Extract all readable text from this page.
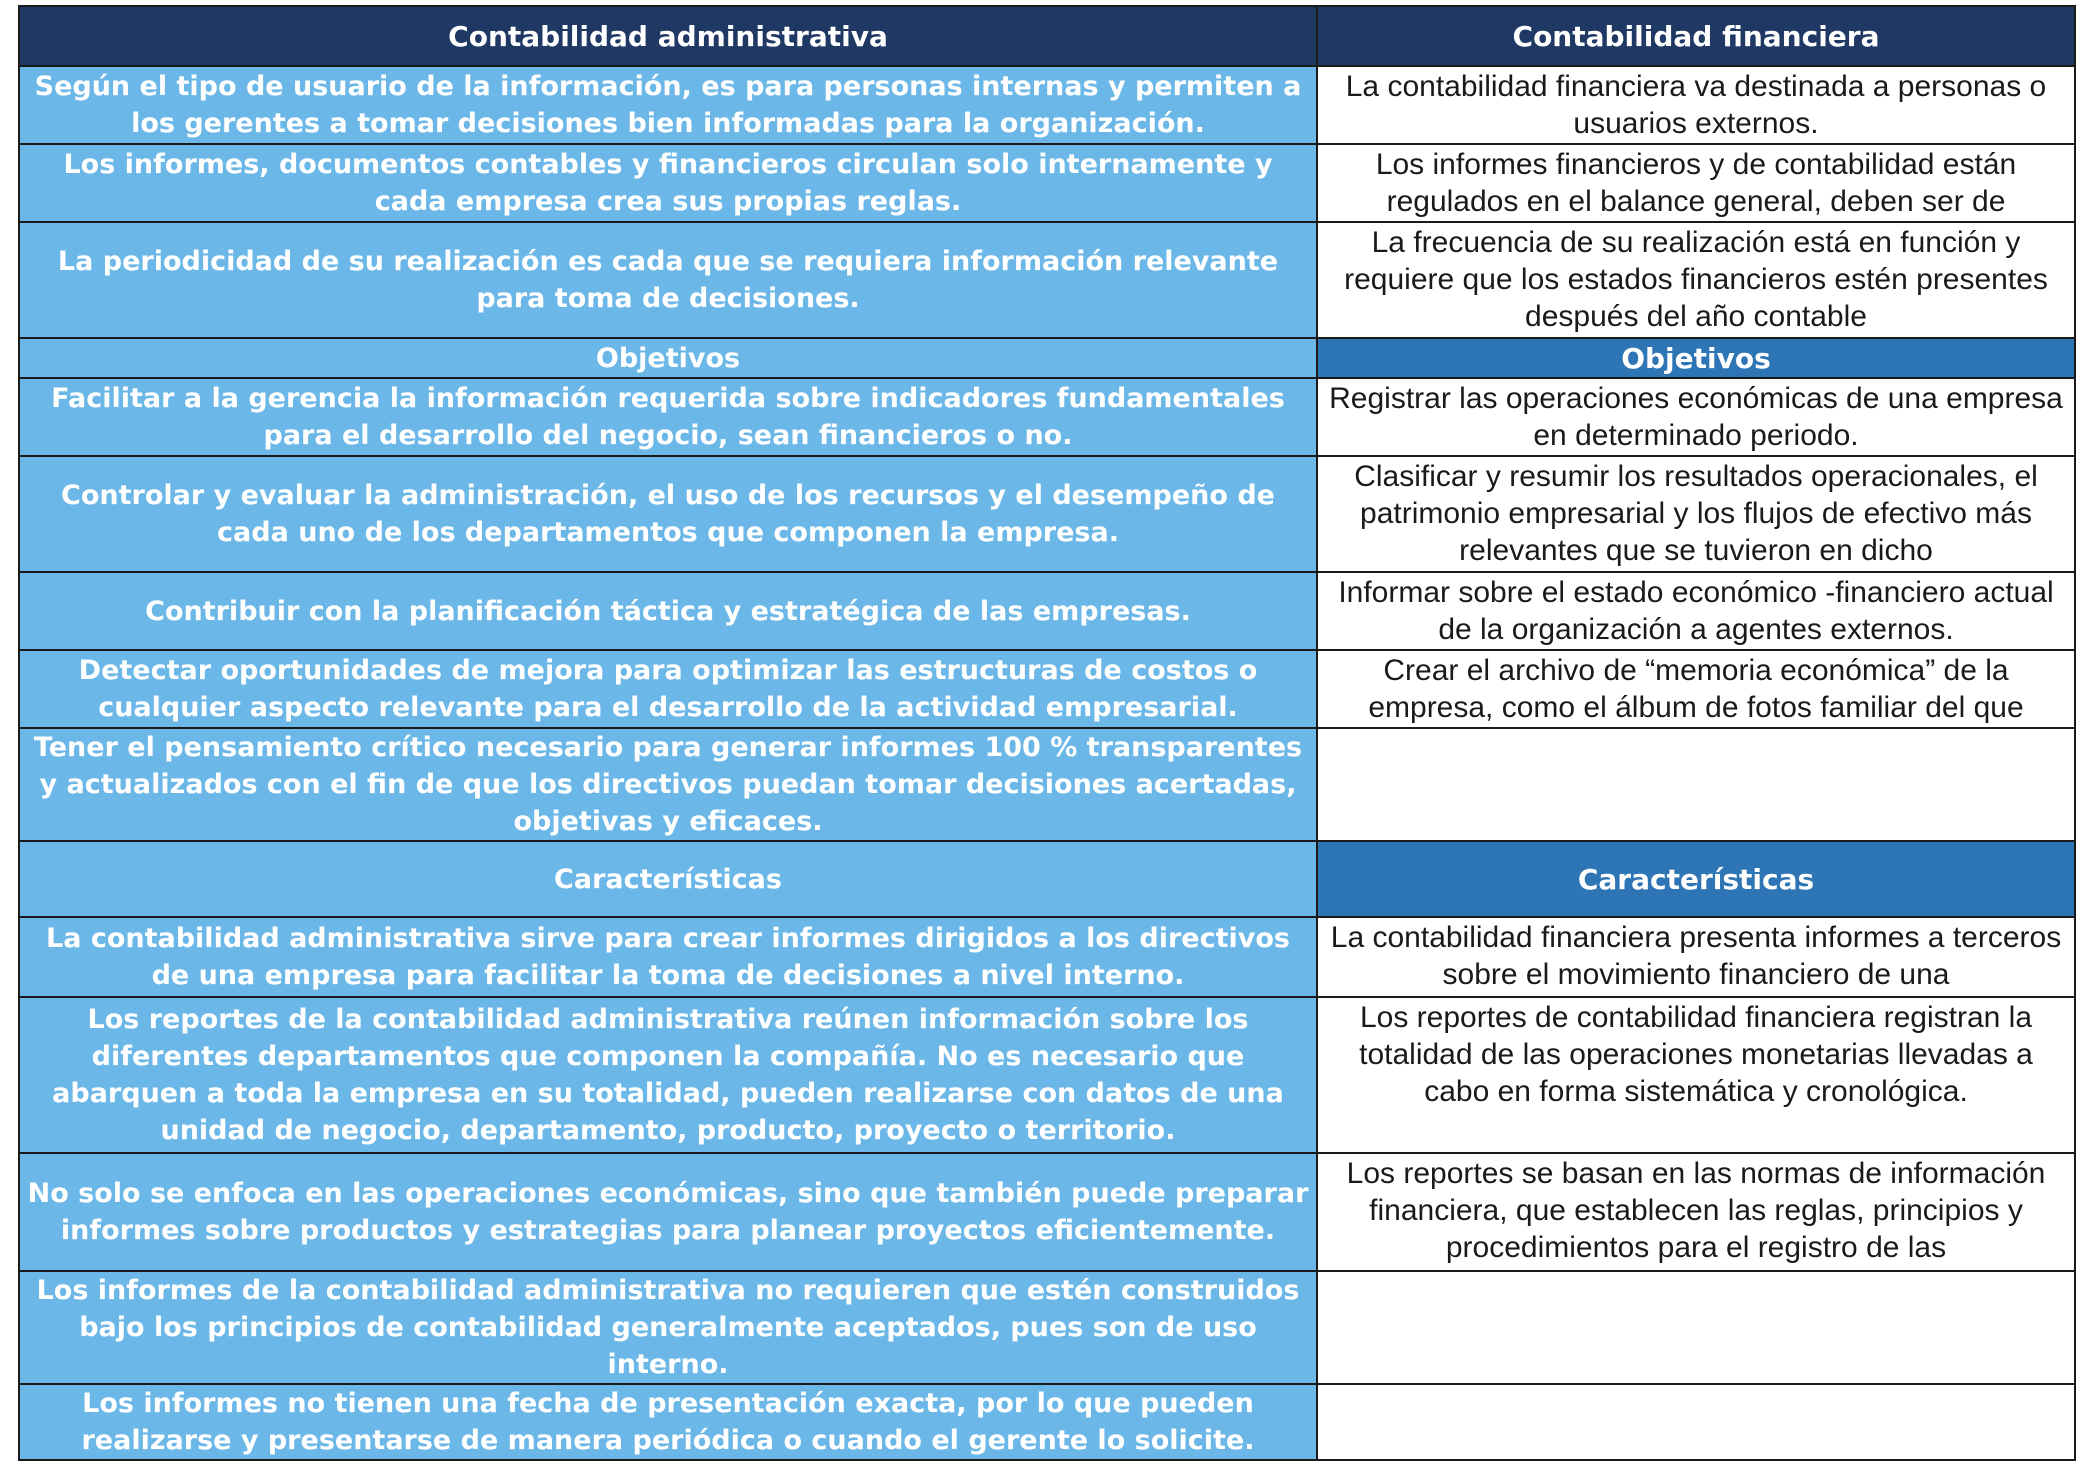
Contabilidad administrativa	Contabilidad financiera
Según el tipo de usuario de la información, es para personas internas y permiten a los gerentes a tomar decisiones bien informadas para la organización.	La contabilidad financiera va destinada a personas o usuarios externos.

Los informes, documentos contables y financieros circulan solo internamente y cada empresa crea sus propias reglas.	Los informes financieros y de contabilidad están regulados en el balance general, deben ser de

La periodicidad de su realización es cada que se requiera información relevante para toma de decisiones.	La frecuencia de su realización está en función y requiere que los estados financieros estén presentes después del año contable

Objetivos	Objetivos
Facilitar a la gerencia la información requerida sobre indicadores fundamentales para el desarrollo del negocio, sean financieros o no.	Registrar las operaciones económicas de una empresa en determinado periodo.

Controlar y evaluar la administración, el uso de los recursos y el desempeño de cada uno de los departamentos que componen la empresa.	Clasificar y resumir los resultados operacionales, el patrimonio empresarial y los flujos de efectivo más relevantes que se tuvieron en dicho

Contribuir con la planificación táctica y estratégica de las empresas.	Informar sobre el estado económico -financiero actual de la organización a agentes externos.

Detectar oportunidades de mejora para optimizar las estructuras de costos o cualquier aspecto relevante para el desarrollo de la actividad empresarial.	Crear el archivo de “memoria económica” de la empresa, como el álbum de fotos familiar del que

Tener el pensamiento crítico necesario para generar informes 100 % transparentes y actualizados con el fin de que los directivos puedan tomar decisiones acertadas, objetivas y eficaces.	

Características	Características
La contabilidad administrativa sirve para crear informes dirigidos a los directivos de una empresa para facilitar la toma de decisiones a nivel interno.	La contabilidad financiera presenta informes a terceros sobre el movimiento financiero de una

Los reportes de la contabilidad administrativa reúnen información sobre los diferentes departamentos que componen la compañía. No es necesario que abarquen a toda la empresa en su totalidad, pueden realizarse con datos de una unidad de negocio, departamento, producto, proyecto o territorio.	Los reportes de contabilidad financiera registran la totalidad de las operaciones monetarias llevadas a cabo en forma sistemática y cronológica.

No solo se enfoca en las operaciones económicas, sino que también puede preparar informes sobre productos y estrategias para planear proyectos eficientemente.	Los reportes se basan en las normas de información financiera, que establecen las reglas, principios y procedimientos para el registro de las

Los informes de la contabilidad administrativa no requieren que estén construidos bajo los principios de contabilidad generalmente aceptados, pues son de uso interno.	

Los informes no tienen una fecha de presentación exacta, por lo que pueden realizarse y presentarse de manera periódica o cuando el gerente lo solicite.	
